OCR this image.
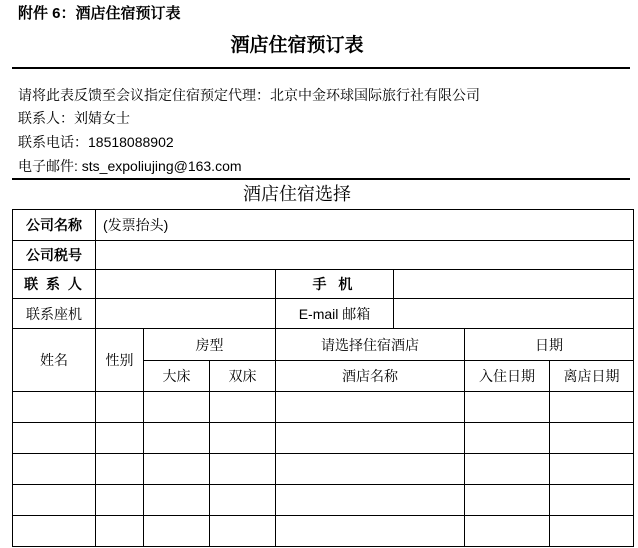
附件 6：酒店住宿预订表
酒店住宿预订表
请将此表反馈至会议指定住宿预定代理：北京中金环球国际旅行社有限公司
联系人：刘婧女士
联系电话：18518088902
电子邮件: sts_expoliujing@163.com
酒店住宿选择
公司名称	(发票抬头)						
公司税号							
联 系 人				手 机			
联系座机				E-mail 邮箱			
姓名	性别	房型		请选择住宿酒店		日期	
		大床	双床	酒店名称		入住日期	离店日期
